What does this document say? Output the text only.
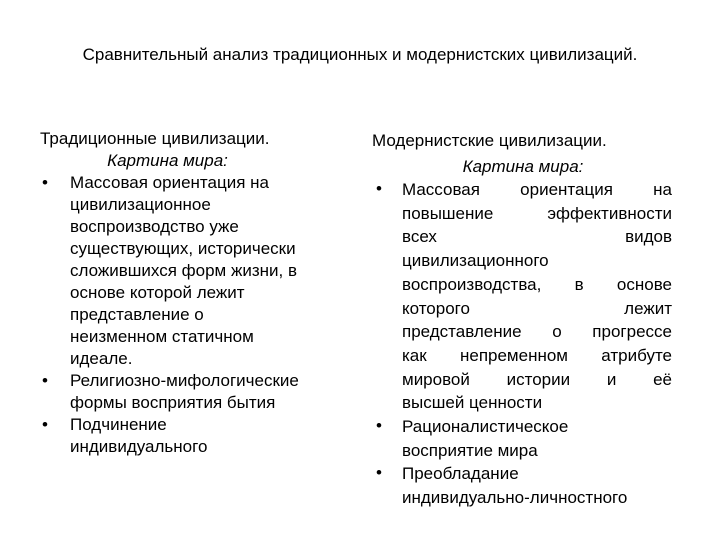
Сравнительный анализ традиционных и модернистских цивилизаций.
Традиционные цивилизации.
Картина мира:
• Массовая ориентация на
цивилизационное
воспроизводство уже
существующих, исторически
сложившихся форм жизни, в
основе которой лежит
представление о
неизменном статичном
идеале.
• Религиозно-мифологические
формы восприятия бытия
• Подчинение
индивидуального
Модернистские цивилизации.
Картина мира:
• Массовая ориентация на
повышение эффективности
всех видов
цивилизационного
воспроизводства, в основе
которого лежит
представление о прогрессе
как непременном атрибуте
мировой истории и её
высшей ценности
• Рационалистическое
восприятие мира
• Преобладание
индивидуально-личностного
